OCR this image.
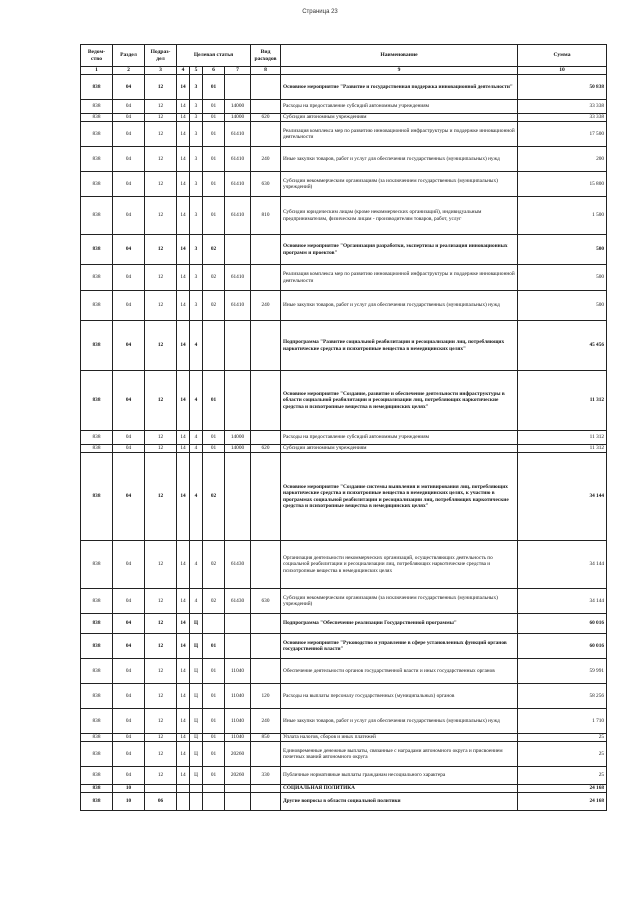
Страница 23
Ведом- ство	Раздел	Подраз- дел	Целевая статья				Вид расходов	Наименование	Сумма
1	2	3	4	5	6	7	8	9	10
838	04	12	14	3	01			Основное мероприятие "Развитие и государственная поддержка инновационной деятельности"	50 838
838	04	12	14	3	01	14000		Расходы на предоставление субсидий автономным учреждениям	33 338
838	04	12	14	3	01	14000	620	Субсидии автономным учреждениям	33 338
838	04	12	14	3	01	61410		Реализация комплекса мер по развитию инновационной инфраструктуры и поддержке инновационной деятельности	17 500
838	04	12	14	3	01	61410	240	Иные закупки товаров, работ и услуг для обеспечения государственных (муниципальных) нужд	200
838	04	12	14	3	01	61410	630	Субсидии некоммерческим организациям (за исключением государственных (муниципальных) учреждений)	15 800
838	04	12	14	3	01	61410	810	Субсидии юридическим лицам (кроме некоммерческих организаций), индивидуальным предпринимателям, физическим лицам - производителям товаров, работ, услуг	1 500
838	04	12	14	3	02			Основное мероприятие "Организация разработки, экспертизы и реализация инновационных программ и проектов"	500
838	04	12	14	3	02	61410		Реализация комплекса мер по развитию инновационной инфраструктуры и поддержке инновационной деятельности	500
838	04	12	14	3	02	61410	240	Иные закупки товаров, работ и услуг для обеспечения государственных (муниципальных) нужд	500
838	04	12	14	4				Подпрограмма "Развитие социальной реабилитации и ресоциализации лиц, потребляющих наркотические средства и психотропные вещества в немедицинских целях"	45 456
838	04	12	14	4	01			Основное мероприятие "Создание, развитие и обеспечение деятельности инфраструктуры в области социальной реабилитации и ресоциализации лиц, потребляющих наркотические средства и психотропные вещества в немедицинских целях"	11 312
838	04	12	14	4	01	14000		Расходы на предоставление субсидий автономным учреждениям	11 312
838	04	12	14	4	01	14000	620	Субсидии автономным учреждениям	11 312
838	04	12	14	4	02			Основное мероприятие "Создание системы выявления и мотивирования лиц, потребляющих наркотические средства и психотропные вещества в немедицинских целях, к участию в программах социальной реабилитации и ресоциализации лиц, потребляющих наркотические средства и психотропные вещества в немедицинских целях"	34 144
838	04	12	14	4	02	61430		Организация деятельности некоммерческих организаций, осуществляющих деятельность по социальной реабилитации и ресоциализации лиц, потребляющих наркотические средства и психотропные вещества в немедицинских целях	34 144
838	04	12	14	4	02	61430	630	Субсидии некоммерческим организациям (за исключением государственных (муниципальных) учреждений)	34 144
838	04	12	14	Ц				Подпрограмма "Обеспечение реализации Государственной программы"	60 016
838	04	12	14	Ц	01			Основное мероприятие "Руководство и управление в сфере установленных функций органов государственной власти"	60 016
838	04	12	14	Ц	01	11040		Обеспечение деятельности органов государственной власти и иных государственных органов	59 991
838	04	12	14	Ц	01	11040	120	Расходы на выплаты персоналу государственных (муниципальных) органов	58 256
838	04	12	14	Ц	01	11040	240	Иные закупки товаров, работ и услуг для обеспечения государственных (муниципальных) нужд	1 710
838	04	12	14	Ц	01	11040	850	Уплата налогов, сборов и иных платежей	25
838	04	12	14	Ц	01	20260		Единовременные денежные выплаты, связанные с наградами автономного округа и присвоением почетных званий автономного округа	25
838	04	12	14	Ц	01	20260	330	Публичные нормативные выплаты гражданам несоциального характера	25
838	10							СОЦИАЛЬНАЯ ПОЛИТИКА	24 168
838	10	06						Другие вопросы в области социальной политики	24 168
